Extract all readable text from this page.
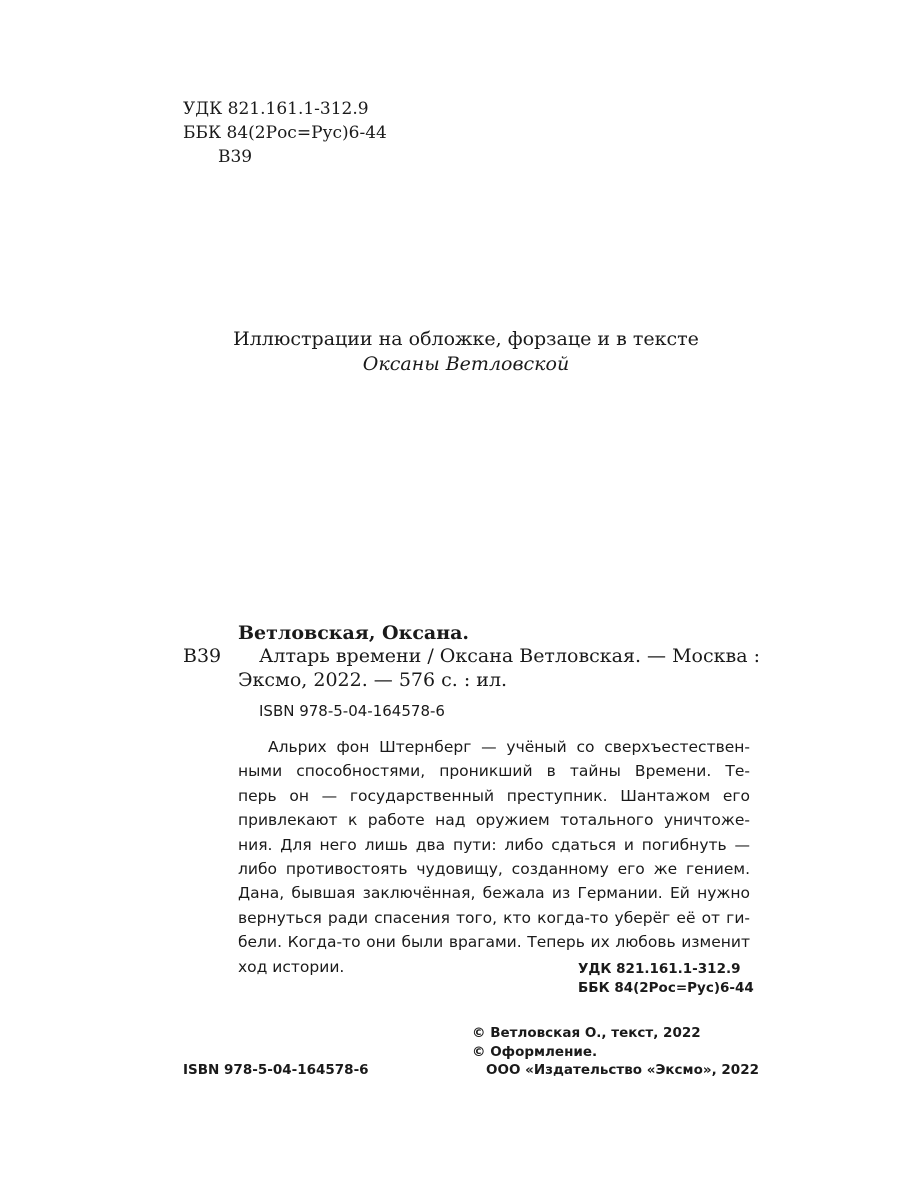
УДК 821.161.1-312.9
ББК 84(2Рос=Рус)6-44
В39
Иллюстрации на обложке, форзаце и в тексте
Оксаны Ветловской
Ветловская, Оксана.
В39 Алтарь времени / Оксана Ветловская. — Москва :
Эксмо, 2022. — 576 с. : ил.
ISBN 978-5-04-164578-6
Альрих фон Штернберг — учёный со сверхъестествен-
ными способностями, проникший в тайны Времени. Те-
перь он — государственный преступник. Шантажом его
привлекают к работе над оружием тотального уничтоже-
ния. Для него лишь два пути: либо сдаться и погибнуть —
либо противостоять чудовищу, созданному его же гением.
Дана, бывшая заключённая, бежала из Германии. Ей нужно
вернуться ради спасения того, кто когда-то уберёг её от ги-
бели. Когда-то они были врагами. Теперь их любовь изменит
ход истории.	УДК 821.161.1-312.9
ББК 84(2Рос=Рус)6-44
ISBN 978-5-04-164578-6
© Ветловская О., текст, 2022
© Оформление.
ООО «Издательство «Эксмо», 2022
